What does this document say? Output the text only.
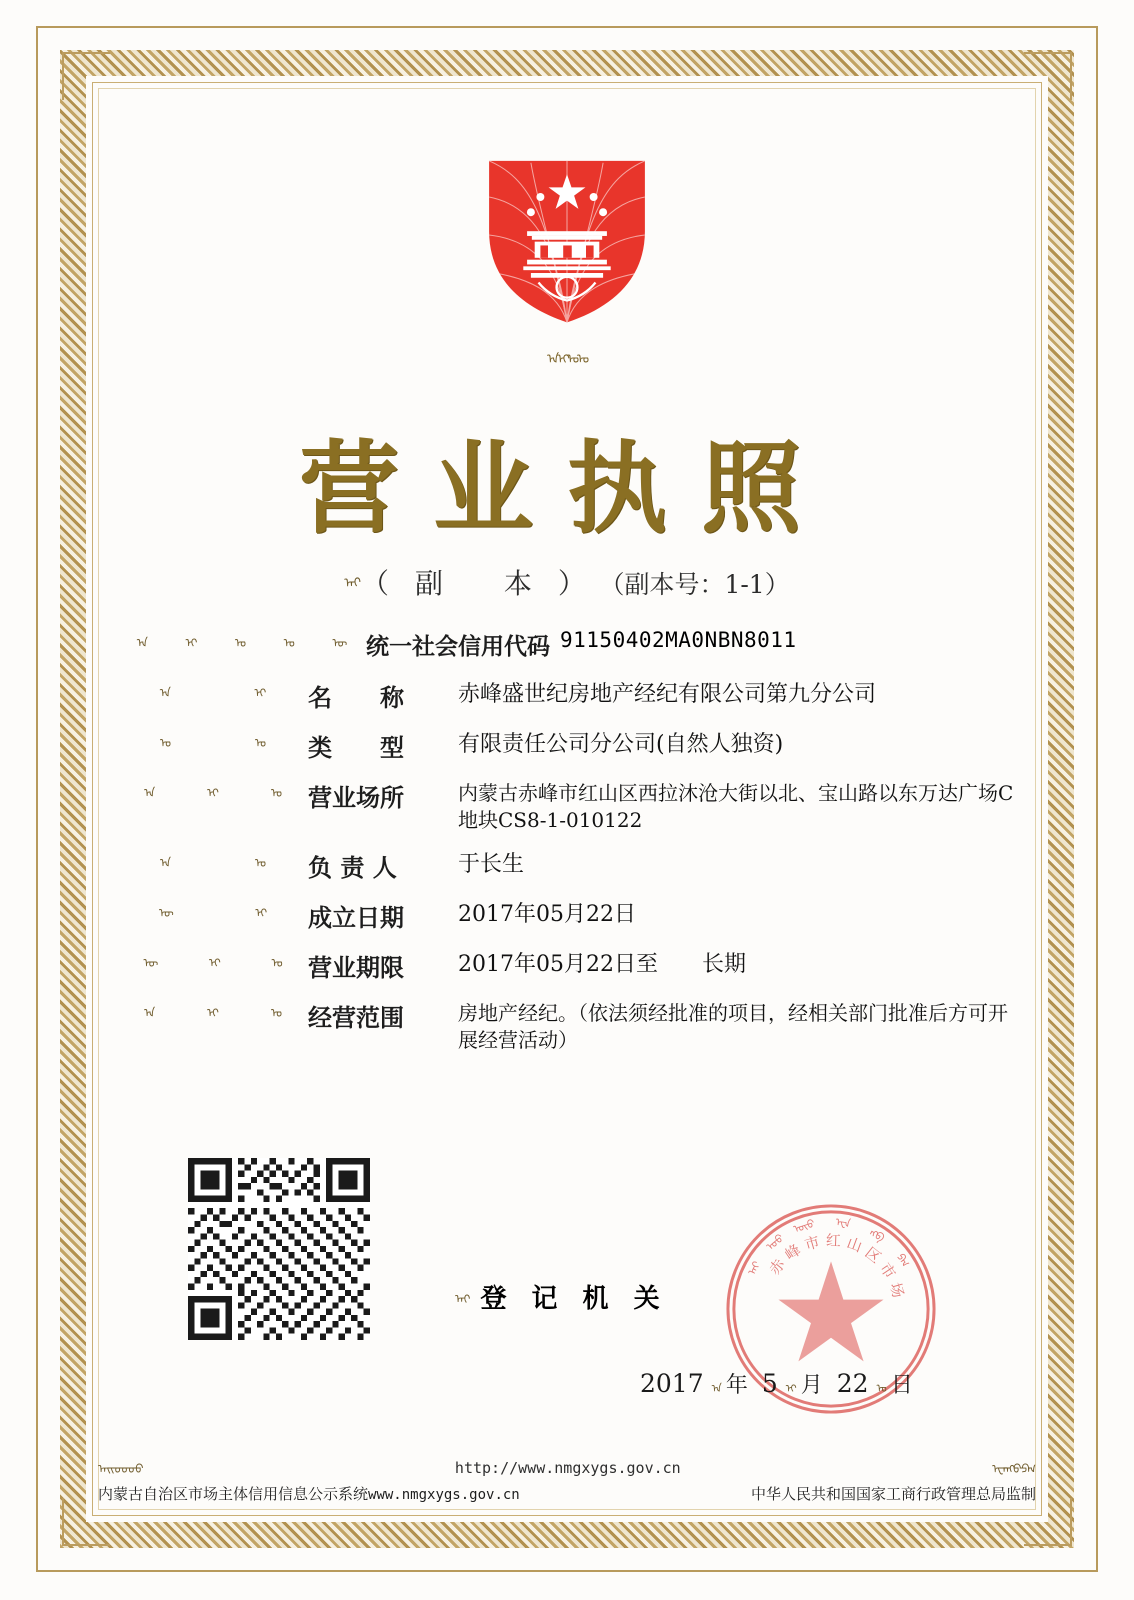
ᠠᠢᠣᠤ
营业执照
$^{ᠠᠢ}$（副 本）（副本号：1-1）
ᠠ	ᠢ	ᠣ	ᠤ	ᠥ 统一社会信用代码 91150402MA0NBN8011
ᠠ	ᠢ 名　　称	赤峰盛世纪房地产经纪有限公司第九分公司
ᠣ	ᠤ 类　　型	有限责任公司分公司(自然人独资)
ᠠ	ᠢ	ᠣ 营业场所	内蒙古赤峰市红山区西拉沐沧大街以北、宝山路以东万达广场C地块CS8-1-010122
ᠠ	ᠤ 负 责 人	于长生
ᠥ	ᠢ 成立日期	2017年05月22日
ᠥ	ᠢ	ᠣ 营业期限	2017年05月22日至　　长期
ᠠ	ᠢ	ᠣ 经营范围	房地产经纪。（依法须经批准的项目，经相关部门批准后方可开展经营活动）
ᠠᠢ 登 记 机 关
ᠠᠢ
ᠣᠤ
ᠥᠦ ᠧᠨ
ᠩᠪ
ᠫᠬ
赤
峰
市 红 山
区
市
场
2017 ᠠ 年 5 ᠢ 月 22 ᠣ 日
ᠠᠢᠣᠤᠥᠦ	http://www.nmgxygs.gov.cn	ᠧᠨᠩᠪᠫᠬ
内蒙古自治区市场主体信用信息公示系统 www.nmgxygs.gov.cn	中华人民共和国国家工商行政管理总局监制
